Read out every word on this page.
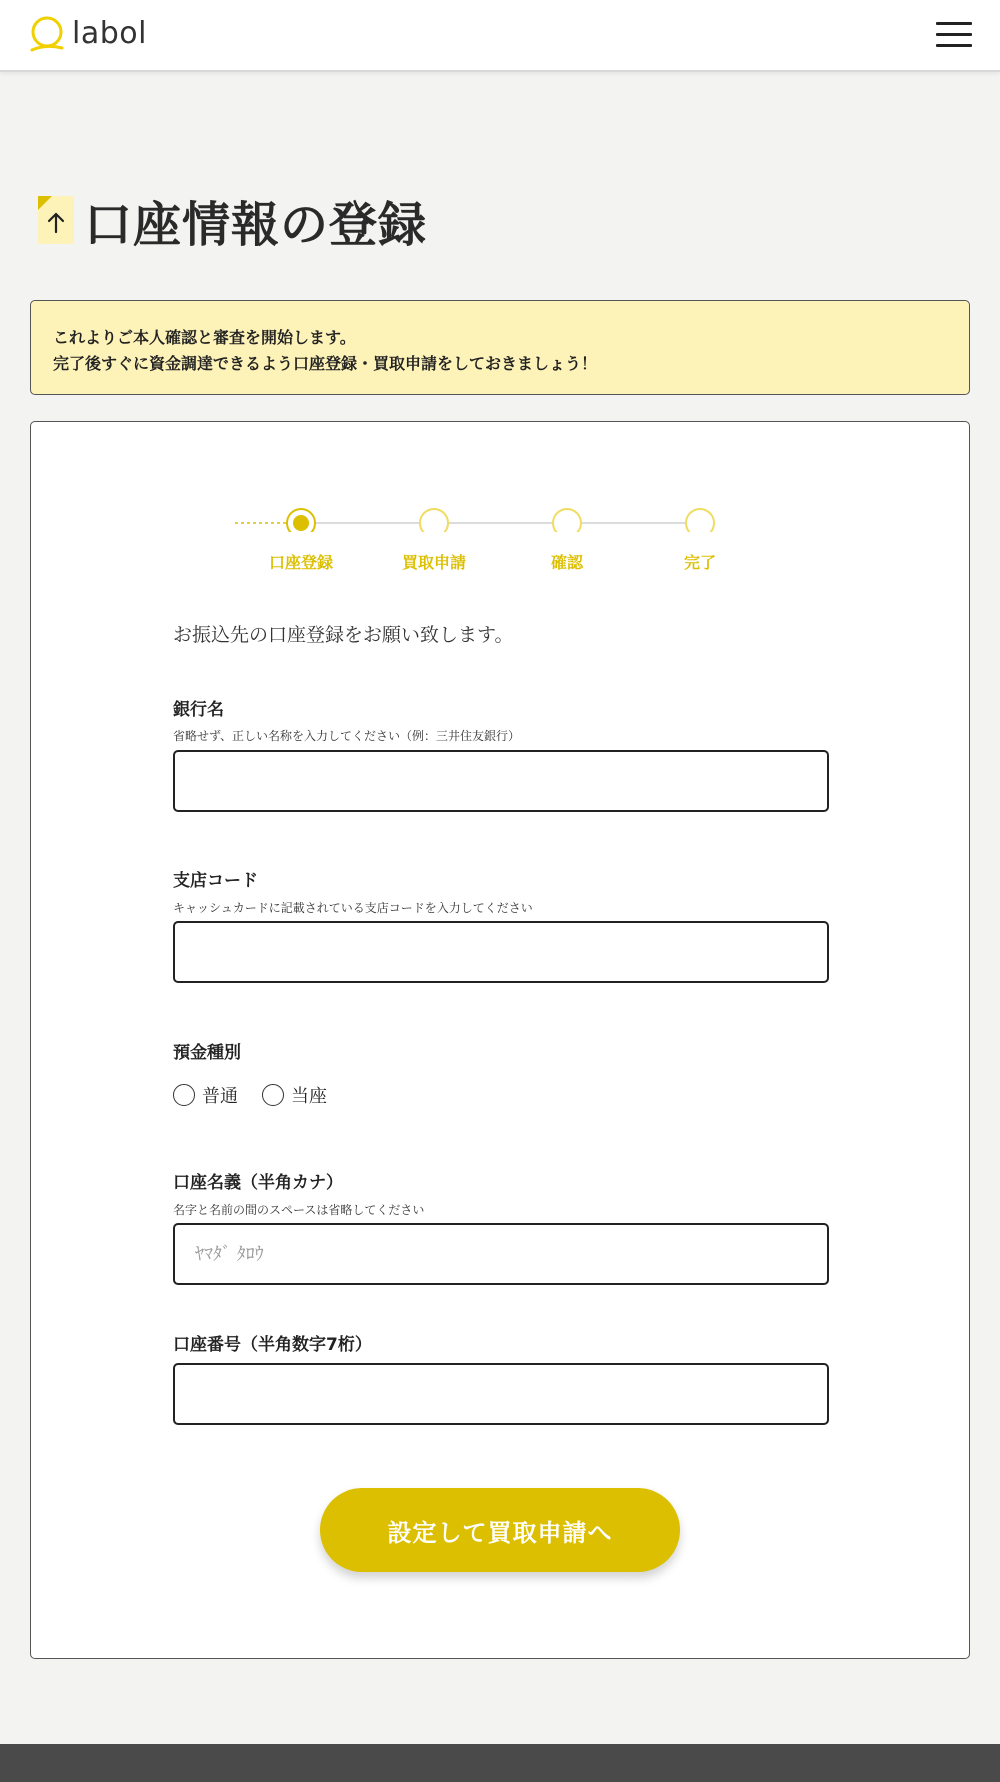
labol
口座情報の登録
これよりご本人確認と審査を開始します。
完了後すぐに資金調達できるよう口座登録・買取申請をしておきましょう！
口座登録	買取申請	確認	完了
お振込先の口座登録をお願い致します。
銀行名
省略せず、正しい名称を入力してください（例：三井住友銀行）
支店コード
キャッシュカードに記載されている支店コードを入力してください
預金種別
普通	当座
口座名義（半角カナ）
名字と名前の間のスペースは省略してください
ﾔﾏﾀﾞ ﾀﾛｳ
口座番号（半角数字7桁）
設定して買取申請へ
